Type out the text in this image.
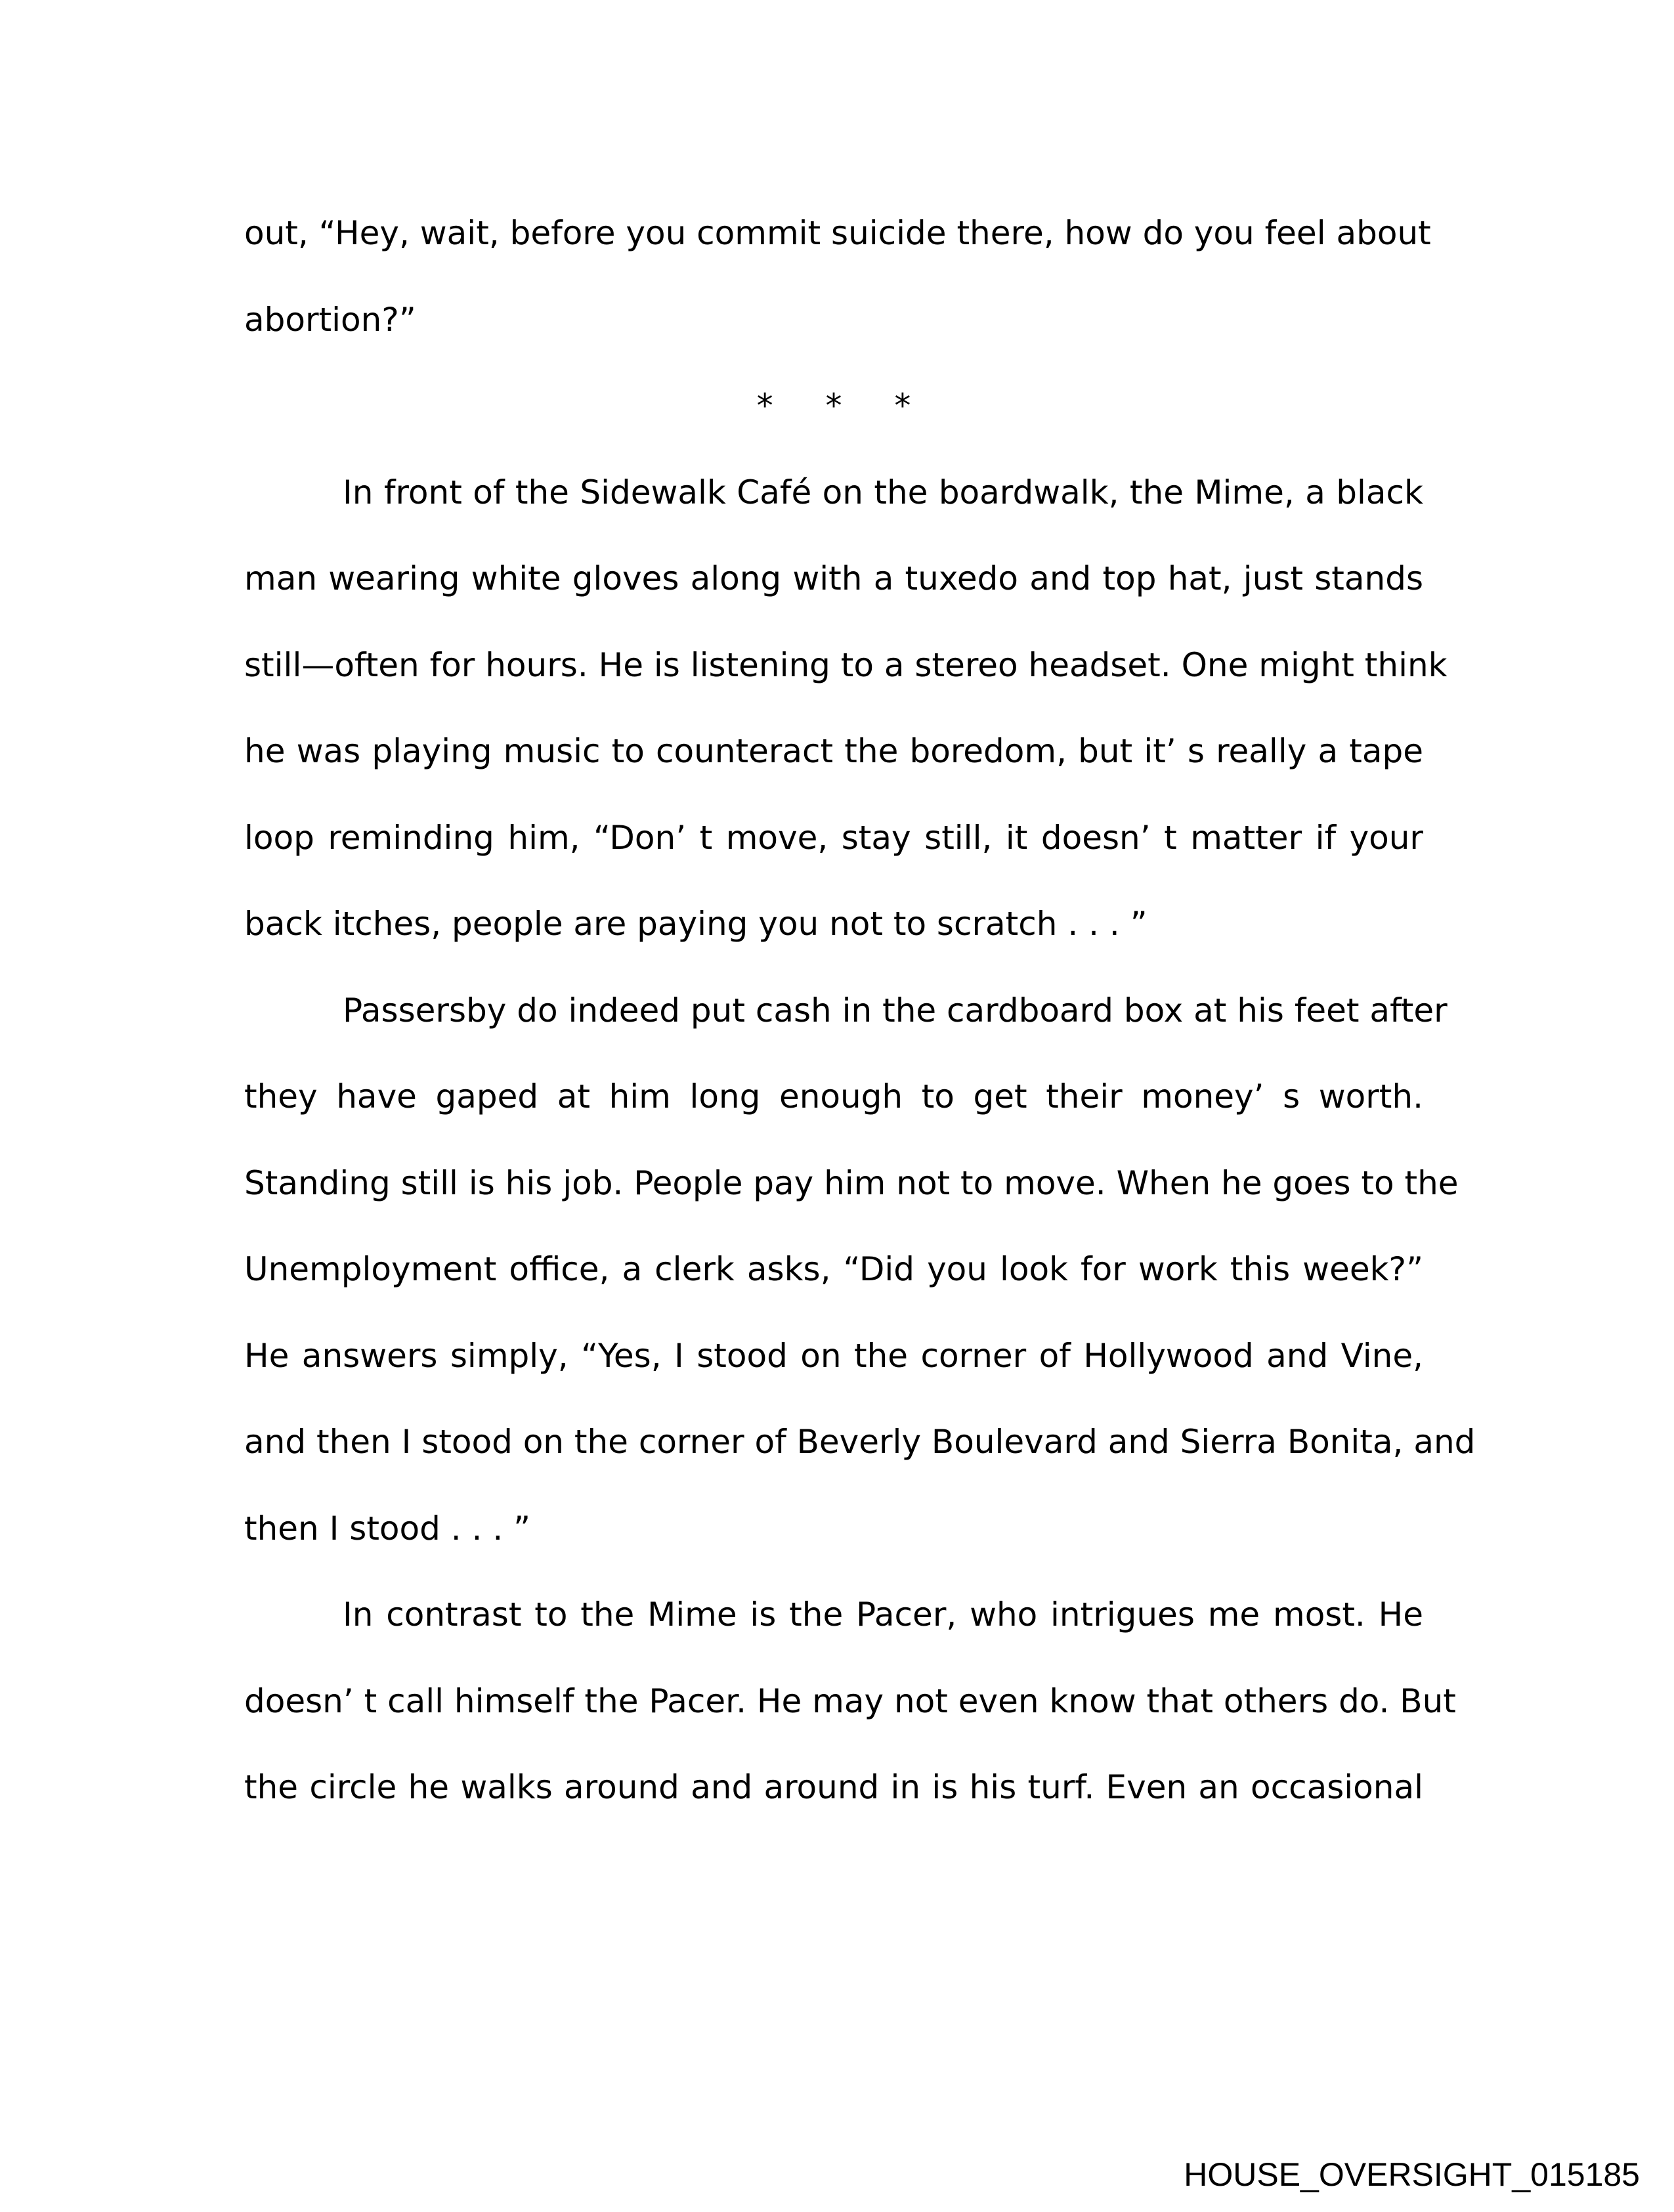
out, “Hey, wait, before you commit suicide there, how do you feel about
abortion?”
* * *
In front of the Sidewalk Café on the boardwalk, the Mime, a black
man wearing white gloves along with a tuxedo and top hat, just stands
still—often for hours. He is listening to a stereo headset. One might think
he was playing music to counteract the boredom, but it’ s really a tape
loop reminding him, “Don’ t move, stay still, it doesn’ t matter if your
back itches, people are paying you not to scratch . . . ”
Passersby do indeed put cash in the cardboard box at his feet after
they have gaped at him long enough to get their money’ s worth.
Standing still is his job. People pay him not to move. When he goes to the
Unemployment office, a clerk asks, “Did you look for work this week?”
He answers simply, “Yes, I stood on the corner of Hollywood and Vine,
and then I stood on the corner of Beverly Boulevard and Sierra Bonita, and
then I stood . . . ”
In contrast to the Mime is the Pacer, who intrigues me most. He
doesn’ t call himself the Pacer. He may not even know that others do. But
the circle he walks around and around in is his turf. Even an occasional
HOUSE_OVERSIGHT_015185
